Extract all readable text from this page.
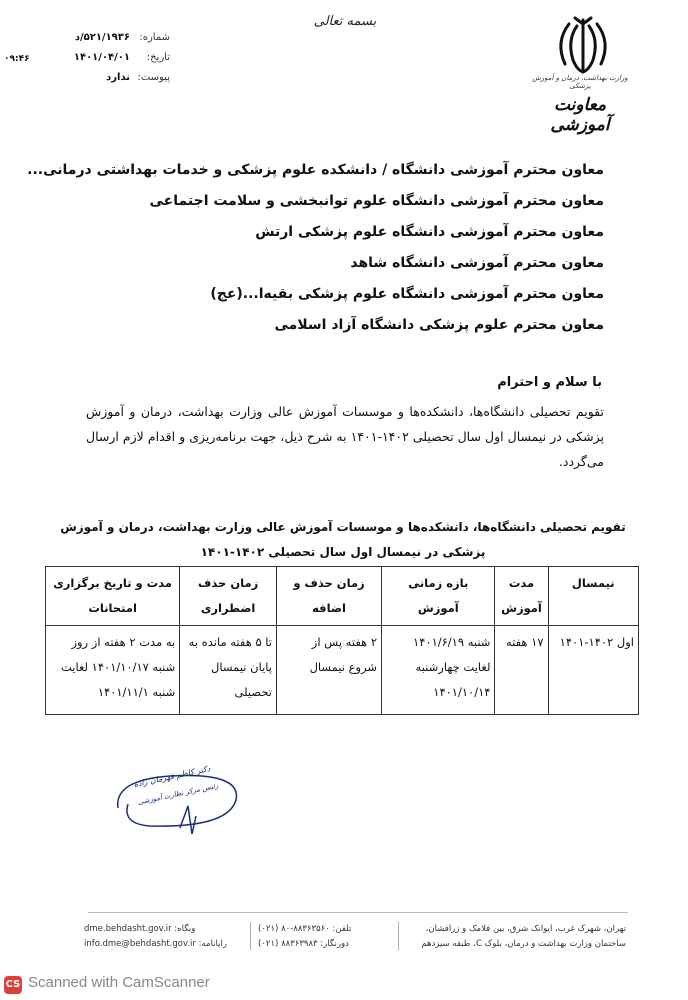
بسمه تعالی
وزارت بهداشت، درمان و آموزش پزشکی
معاونت آموزشی
شماره:
۵۲۱/۱۹۳۶/د
تاریخ:
۱۴۰۱/۰۴/۰۱
پیوست:
ندارد
۰۹:۴۶
معاون محترم آموزشی دانشگاه / دانشکده علوم پزشکی و خدمات بهداشتی درمانی...
معاون محترم آموزشی دانشگاه علوم توانبخشی و سلامت اجتماعی
معاون محترم آموزشی دانشگاه علوم پزشکی ارتش
معاون محترم آموزشی دانشگاه شاهد
معاون محترم آموزشی دانشگاه علوم پزشکی بقیه‌ا...(عج)
معاون محترم علوم پزشکی دانشگاه آزاد اسلامی
با سلام و احترام
تقویم تحصیلی دانشگاه‌ها، دانشکده‌ها و موسسات آموزش عالی وزارت بهداشت، درمان و آموزش پزشکی در نیمسال اول سال تحصیلی ۱۴۰۲-۱۴۰۱ به شرح ذیل، جهت برنامه‌ریزی و اقدام لازم ارسال می‌گردد.
تقویم تحصیلی دانشگاه‌ها، دانشکده‌ها و موسسات آموزش عالی وزارت بهداشت، درمان و آموزش پزشکی در نیمسال اول سال تحصیلی ۱۴۰۲-۱۴۰۱
نیمسال	مدت آموزش	بازه زمانی آموزش	زمان حذف و اضافه	زمان حذف اضطراری	مدت و تاریخ برگزاری امتحانات
اول ۱۴۰۲-۱۴۰۱	۱۷ هفته	شنبه ۱۴۰۱/۶/۱۹ لغایت چهارشنبه ۱۴۰۱/۱۰/۱۴	۲ هفته پس از شروع نیمسال	تا ۵ هفته مانده به پایان نیمسال تحصیلی	به مدت ۲ هفته از روز شنبه ۱۴۰۱/۱۰/۱۷ لغایت شنبه ۱۴۰۱/۱۱/۱
دکتر کاظم قهرمان زاده
رئیس مرکز نظارت آموزشی
تهران، شهرک غرب، ایوانک شرق، بین فلامک و زرافشان،
ساختمان وزارت بهداشت و درمان، بلوک C، طبقه سیزدهم
تلفن: ۸۸۳۶۳۵۶۰-۸۰ (۰۲۱)
دورنگار: ۸۸۳۶۳۹۸۳ (۰۲۱)
dme.behdasht.gov.ir :وبگاه
info.dme@behdasht.gov.ir :رایانامه
CS Scanned with CamScanner
